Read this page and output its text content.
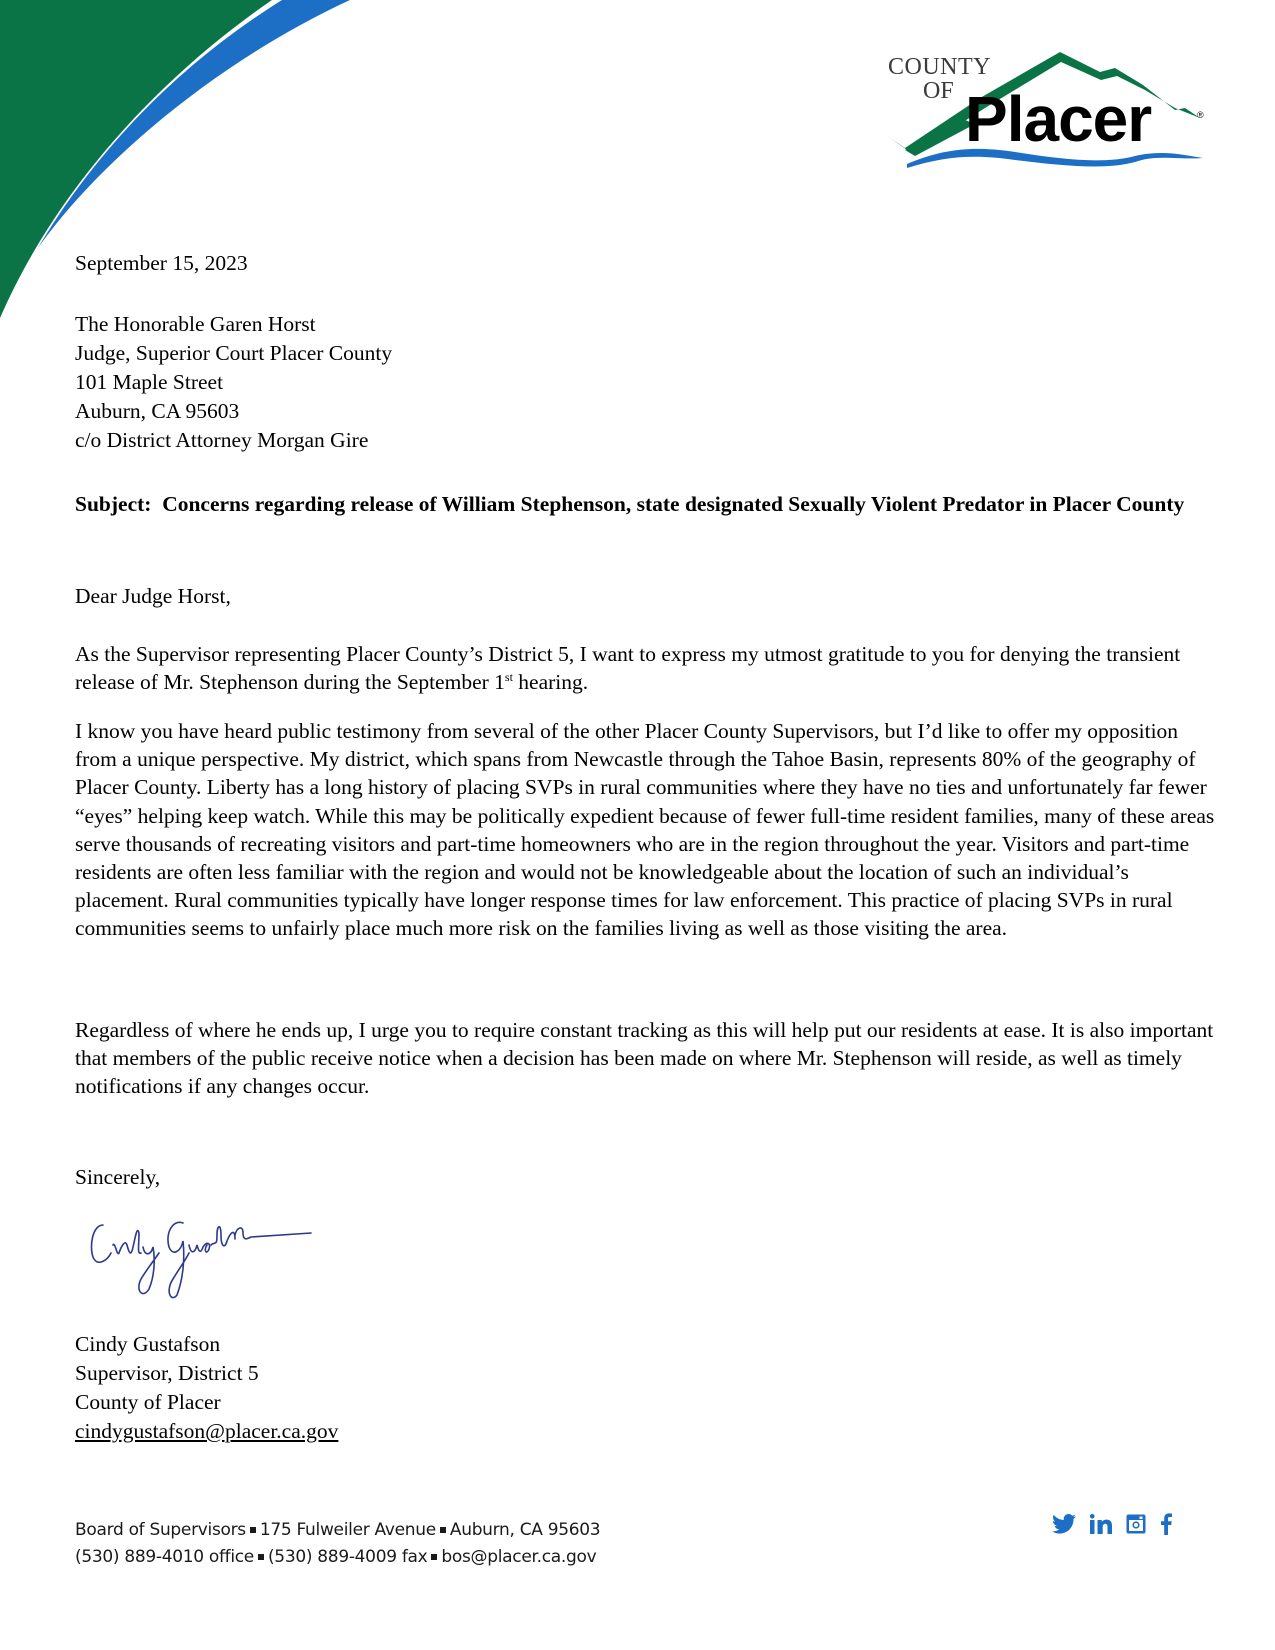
COUNTY
OF Placer	®
September 15, 2023
The Honorable Garen Horst
Judge, Superior Court Placer County
101 Maple Street
Auburn, CA 95603
c/o District Attorney Morgan Gire
Subject: Concerns regarding release of William Stephenson, state designated Sexually Violent Predator in Placer County
Dear Judge Horst,
As the Supervisor representing Placer County’s District 5, I want to express my utmost gratitude to you for denying the transient release of Mr. Stephenson during the September 1st hearing.
I know you have heard public testimony from several of the other Placer County Supervisors, but I’d like to offer my opposition from a unique perspective. My district, which spans from Newcastle through the Tahoe Basin, represents 80% of the geography of Placer County. Liberty has a long history of placing SVPs in rural communities where they have no ties and unfortunately far fewer “eyes” helping keep watch. While this may be politically expedient because of fewer full-time resident families, many of these areas serve thousands of recreating visitors and part-time homeowners who are in the region throughout the year. Visitors and part-time residents are often less familiar with the region and would not be knowledgeable about the location of such an individual’s placement. Rural communities typically have longer response times for law enforcement. This practice of placing SVPs in rural communities seems to unfairly place much more risk on the families living as well as those visiting the area.
Regardless of where he ends up, I urge you to require constant tracking as this will help put our residents at ease. It is also important that members of the public receive notice when a decision has been made on where Mr. Stephenson will reside, as well as timely notifications if any changes occur.
Sincerely,
Cindy Gustafson
Supervisor, District 5
County of Placer
cindygustafson@placer.ca.gov
Board of Supervisors 175 Fulweiler Avenue Auburn, CA 95603
(530) 889-4010 office (530) 889-4009 fax bos@placer.ca.gov
